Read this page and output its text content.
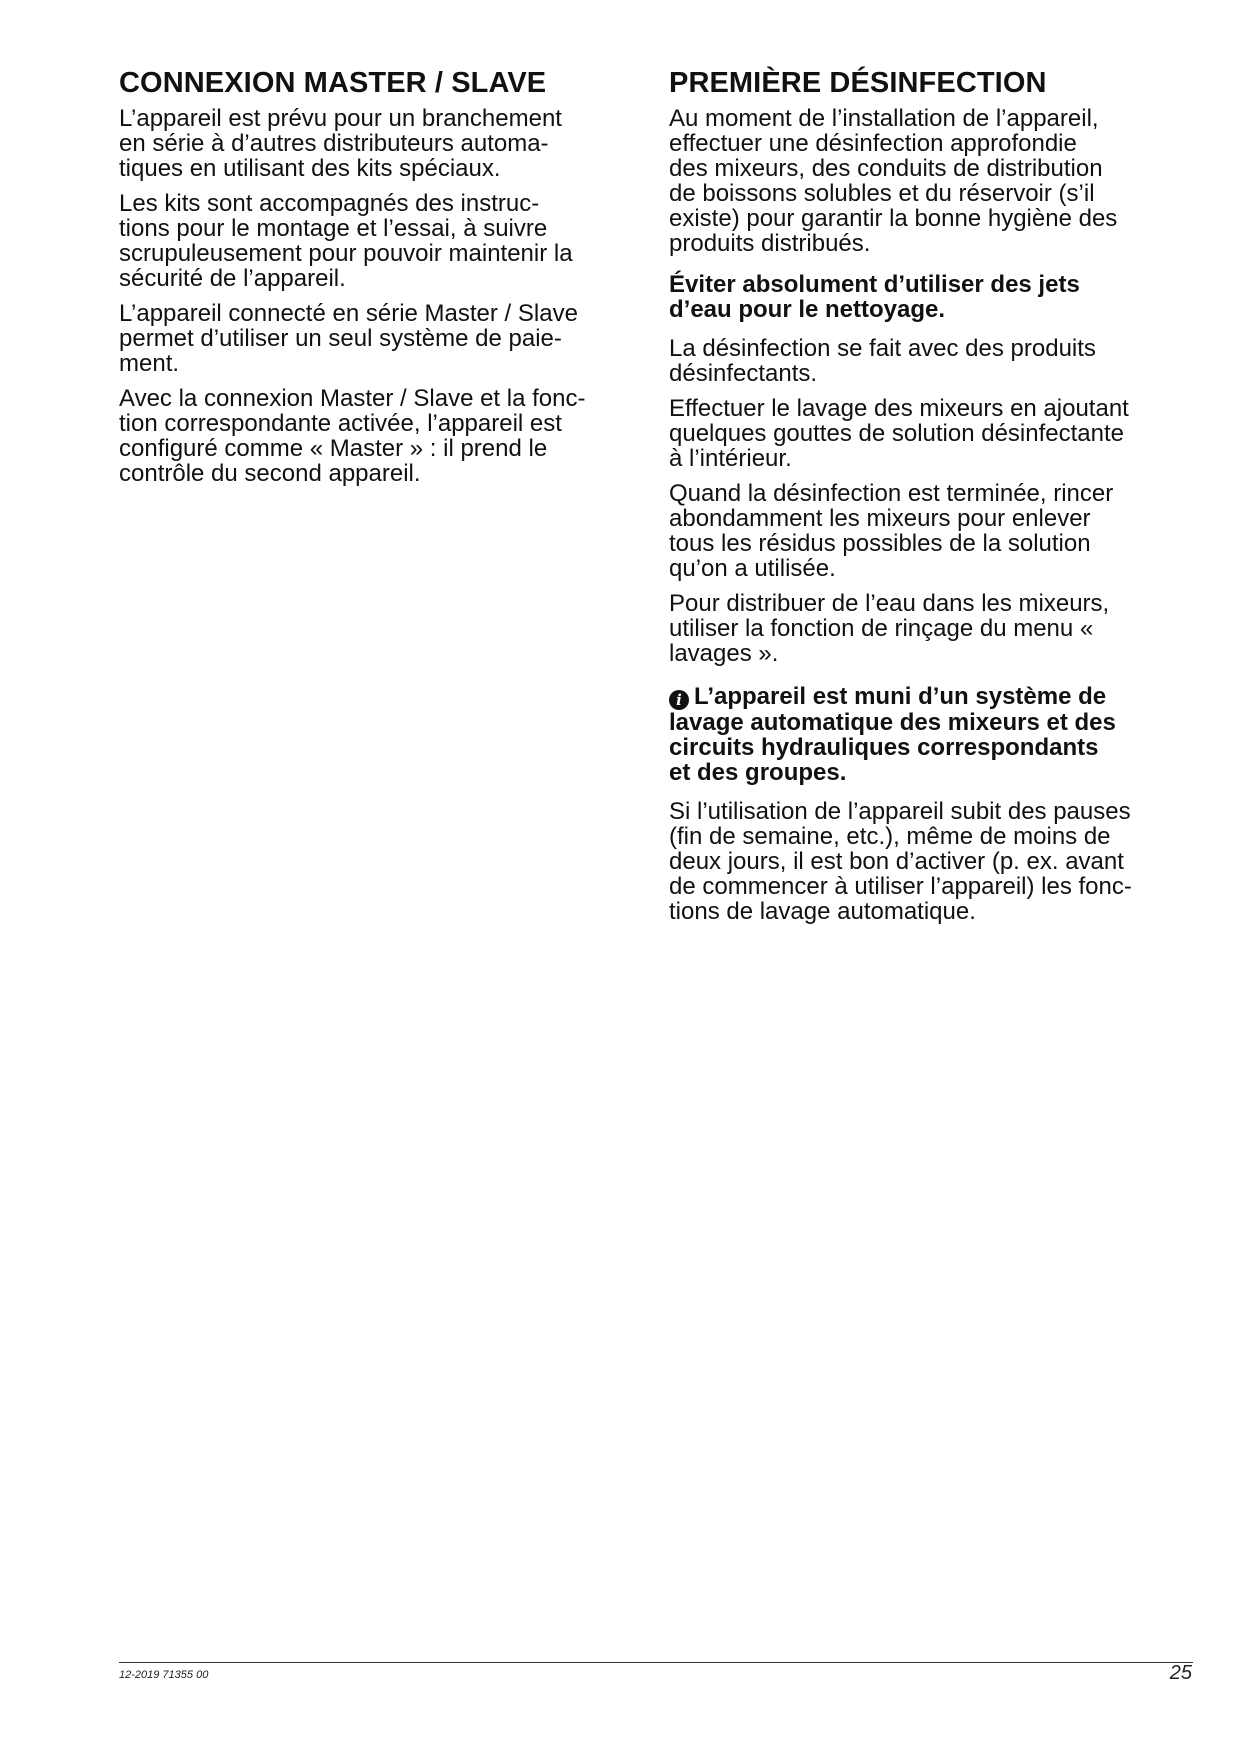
CONNEXION MASTER / SLAVE

L’appareil est prévu pour un branchement
en série à d’autres distributeurs automa-
tiques en utilisant des kits spéciaux.

Les kits sont accompagnés des instruc-
tions pour le montage et l’essai, à suivre
scrupuleusement pour pouvoir maintenir la
sécurité de l’appareil.

L’appareil connecté en série Master / Slave
permet d’utiliser un seul système de paie-
ment.

Avec la connexion Master / Slave et la fonc-
tion correspondante activée, l’appareil est
configuré comme « Master » : il prend le
contrôle du second appareil.

PREMIÈRE DÉSINFECTION

Au moment de l’installation de l’appareil,
effectuer une désinfection approfondie
des mixeurs, des conduits de distribution
de boissons solubles et du réservoir (s’il
existe) pour garantir la bonne hygiène des
produits distribués.

Éviter absolument d’utiliser des jets
d’eau pour le nettoyage.

La désinfection se fait avec des produits
désinfectants.

Effectuer le lavage des mixeurs en ajoutant
quelques gouttes de solution désinfectante
à l’intérieur.

Quand la désinfection est terminée, rincer
abondamment les mixeurs pour enlever
tous les résidus possibles de la solution
qu’on a utilisée.

Pour distribuer de l’eau dans les mixeurs,
utiliser la fonction de rinçage du menu «
lavages ».

i L’appareil est muni d’un système de
lavage automatique des mixeurs et des
circuits hydrauliques correspondants
et des groupes.

Si l’utilisation de l’appareil subit des pauses
(fin de semaine, etc.), même de moins de
deux jours, il est bon d’activer (p. ex. avant
de commencer à utiliser l’appareil) les fonc-
tions de lavage automatique.

12-2019 71355 00	25
